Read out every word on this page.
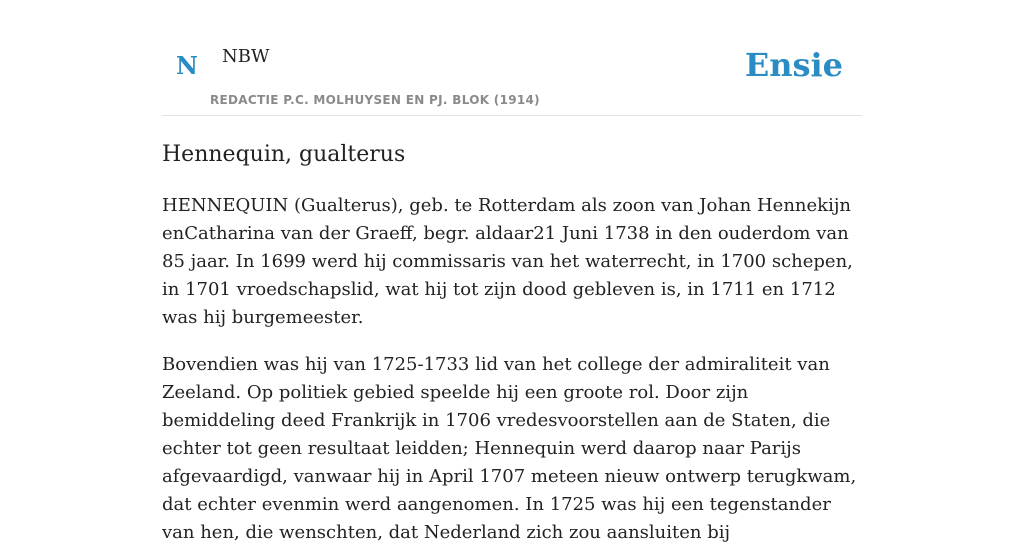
N NBW
REDACTIE P.C. MOLHUYSEN EN PJ. BLOK (1914)
Ensie
Hennequin, gualterus

HENNEQUIN (Gualterus), geb. te Rotterdam als zoon van Johan Hennekijn enCatharina van der Graeff, begr. aldaar21 Juni 1738 in den ouderdom van 85 jaar. In 1699 werd hij commissaris van het waterrecht, in 1700 schepen, in 1701 vroedschapslid, wat hij tot zijn dood gebleven is, in 1711 en 1712 was hij burgemeester.

Bovendien was hij van 1725-1733 lid van het college der admiraliteit van Zeeland. Op politiek gebied speelde hij een groote rol. Door zijn bemiddeling deed Frankrijk in 1706 vredesvoorstellen aan de Staten, die echter tot geen resultaat leidden; Hennequin werd daarop naar Parijs afgevaardigd, vanwaar hij in April 1707 meteen nieuw ontwerp terugkwam, dat echter evenmin werd aangenomen. In 1725 was hij een tegenstander van hen, die wenschten, dat Nederland zich zou aansluiten bij
